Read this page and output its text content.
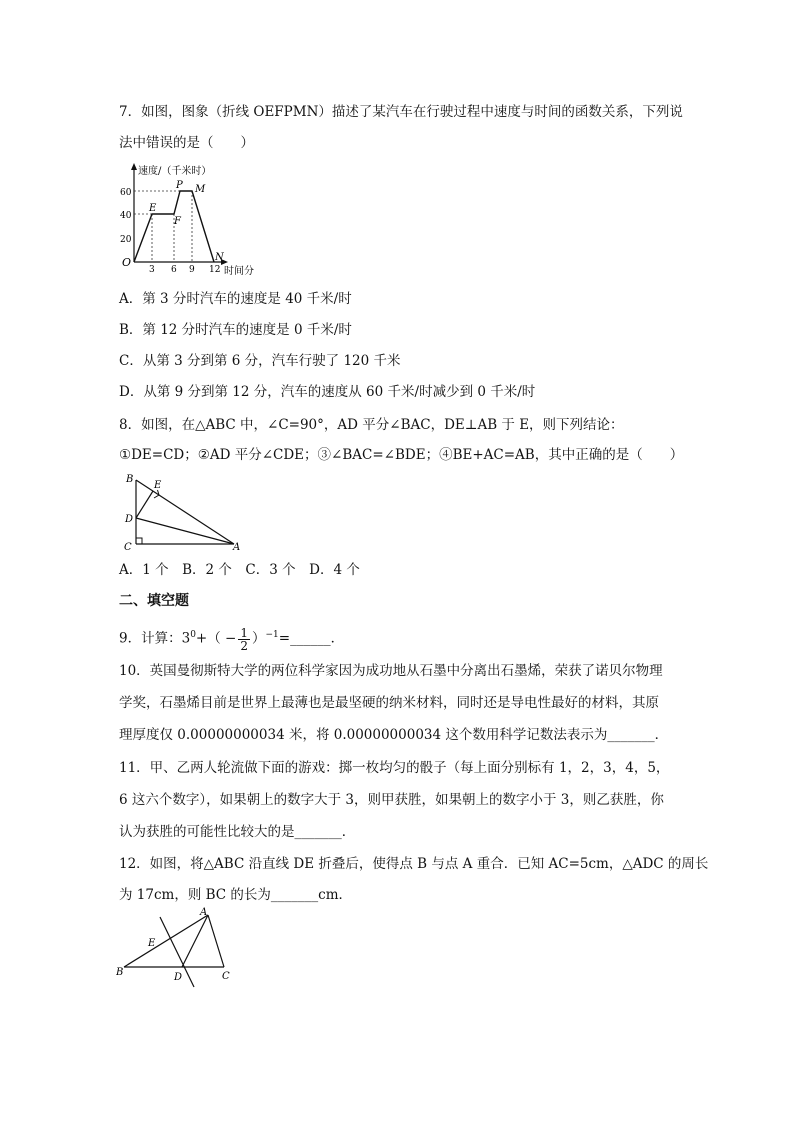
7．如图，图象（折线 OEFPMN）描述了某汽车在行驶过程中速度与时间的函数关系，下列说
法中错误的是（　　）
60
40
20
3 6 9 12
O
E
F
P M
N
速度/（千米时）
时间分
A．第 3 分时汽车的速度是 40 千米/时
B．第 12 分时汽车的速度是 0 千米/时
C．从第 3 分到第 6 分，汽车行驶了 120 千米
D．从第 9 分到第 12 分，汽车的速度从 60 千米/时减少到 0 千米/时
8．如图，在△ABC 中，∠C=90°，AD 平分∠BAC，DE⊥AB 于 E，则下列结论：
①DE=CD；②AD 平分∠CDE；③∠BAC=∠BDE；④BE+AC=AB，其中正确的是（　　）
B
E
D
C	A
A．1 个　B．2 个　C．3 个　D．4 个
二、填空题
9．计算：$3^0+( - \frac{1}{2}$ ）$^{-1}=\_\_\_\_\_\_$．
10．英国曼彻斯特大学的两位科学家因为成功地从石墨中分离出石墨烯，荣获了诺贝尔物理
学奖，石墨烯目前是世界上最薄也是最坚硬的纳米材料，同时还是导电性最好的材料，其原
理厚度仅 0.00000000034 米，将 0.00000000034 这个数用科学记数法表示为_______．
11．甲、乙两人轮流做下面的游戏：掷一枚均匀的骰子（每上面分别标有 1，2，3，4，5，
6 这六个数字），如果朝上的数字大于 3，则甲获胜，如果朝上的数字小于 3，则乙获胜，你
认为获胜的可能性比较大的是_______．
12．如图，将△ABC 沿直线 DE 折叠后，使得点 B 与点 A 重合．已知 AC=5cm，△ADC 的周长
为 17cm，则 BC 的长为_______cm．
A
E
B	D	C
